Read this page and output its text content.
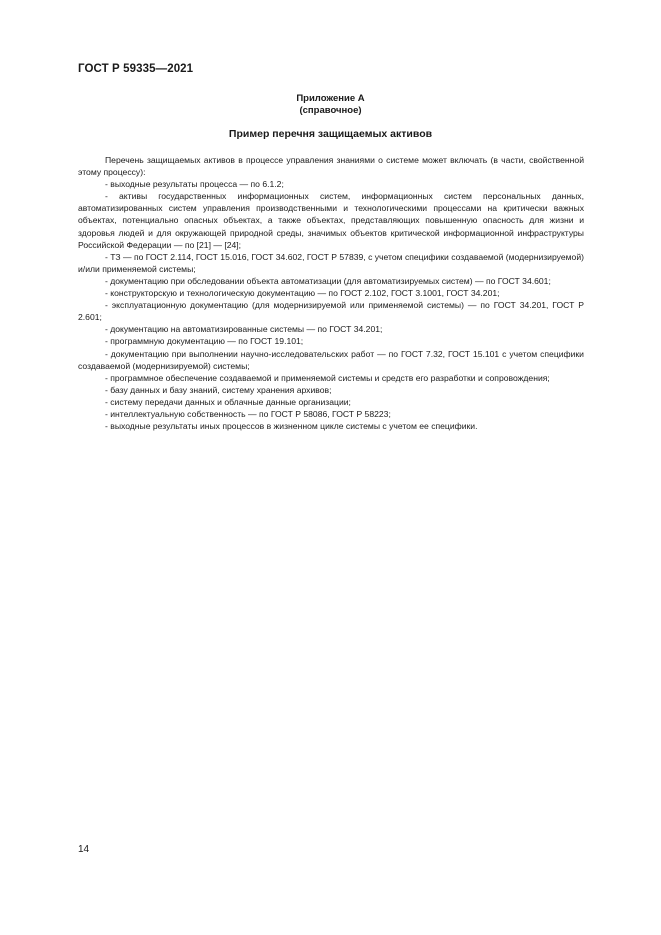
ГОСТ Р 59335—2021
Приложение А
(справочное)
Пример перечня защищаемых активов

Перечень защищаемых активов в процессе управления знаниями о системе может включать (в части, свойственной этому процессу):

- выходные результаты процесса — по 6.1.2;

- активы государственных информационных систем, информационных систем персональных данных, автоматизированных систем управления производственными и технологическими процессами на критически важных объектах, потенциально опасных объектах, а также объектах, представляющих повышенную опасность для жизни и здоровья людей и для окружающей природной среды, значимых объектов критической информационной инфраструктуры Российской Федерации — по [21] — [24];

- ТЗ — по ГОСТ 2.114, ГОСТ 15.016, ГОСТ 34.602, ГОСТ Р 57839, с учетом специфики создаваемой (модернизируемой) и/или применяемой системы;

- документацию при обследовании объекта автоматизации (для автоматизируемых систем) — по ГОСТ 34.601;

- конструкторскую и технологическую документацию — по ГОСТ 2.102, ГОСТ 3.1001, ГОСТ 34.201;

- эксплуатационную документацию (для модернизируемой или применяемой системы) — по ГОСТ 34.201, ГОСТ Р 2.601;

- документацию на автоматизированные системы — по ГОСТ 34.201;

- программную документацию — по ГОСТ 19.101;

- документацию при выполнении научно-исследовательских работ — по ГОСТ 7.32, ГОСТ 15.101 с учетом специфики создаваемой (модернизируемой) системы;

- программное обеспечение создаваемой и применяемой системы и средств его разработки и сопровождения;

- базу данных и базу знаний, систему хранения архивов;

- систему передачи данных и облачные данные организации;

- интеллектуальную собственность — по ГОСТ Р 58086, ГОСТ Р 58223;

- выходные результаты иных процессов в жизненном цикле системы с учетом ее специфики.

14
